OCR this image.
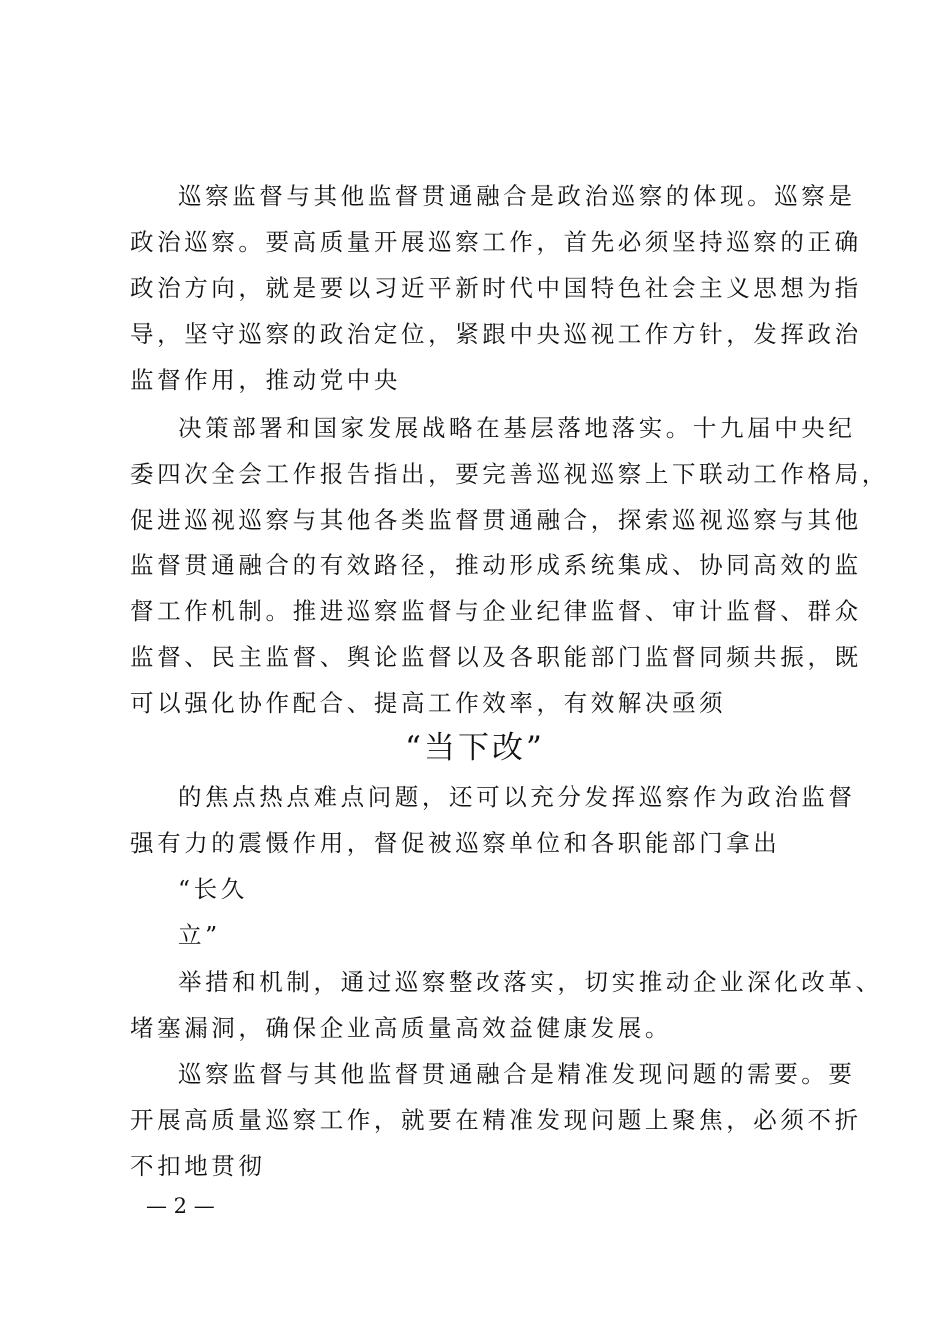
巡察监督与其他监督贯通融合是政治巡察的体现。巡察是
政治巡察。要高质量开展巡察工作，首先必须坚持巡察的正确
政治方向，就是要以习近平新时代中国特色社会主义思想为指
导，坚守巡察的政治定位，紧跟中央巡视工作方针，发挥政治
监督作用，推动党中央
决策部署和国家发展战略在基层落地落实。十九届中央纪
委四次全会工作报告指出，要完善巡视巡察上下联动工作格局，
促进巡视巡察与其他各类监督贯通融合，探索巡视巡察与其他
监督贯通融合的有效路径，推动形成系统集成、协同高效的监
督工作机制。推进巡察监督与企业纪律监督、审计监督、群众
监督、民主监督、舆论监督以及各职能部门监督同频共振，既
可以强化协作配合、提高工作效率，有效解决亟须
“当下改”
的焦点热点难点问题，还可以充分发挥巡察作为政治监督
强有力的震慑作用，督促被巡察单位和各职能部门拿出
“长久
立”
举措和机制，通过巡察整改落实，切实推动企业深化改革、
堵塞漏洞，确保企业高质量高效益健康发展。
巡察监督与其他监督贯通融合是精准发现问题的需要。要
开展高质量巡察工作，就要在精准发现问题上聚焦，必须不折
不扣地贯彻
— 2 —
